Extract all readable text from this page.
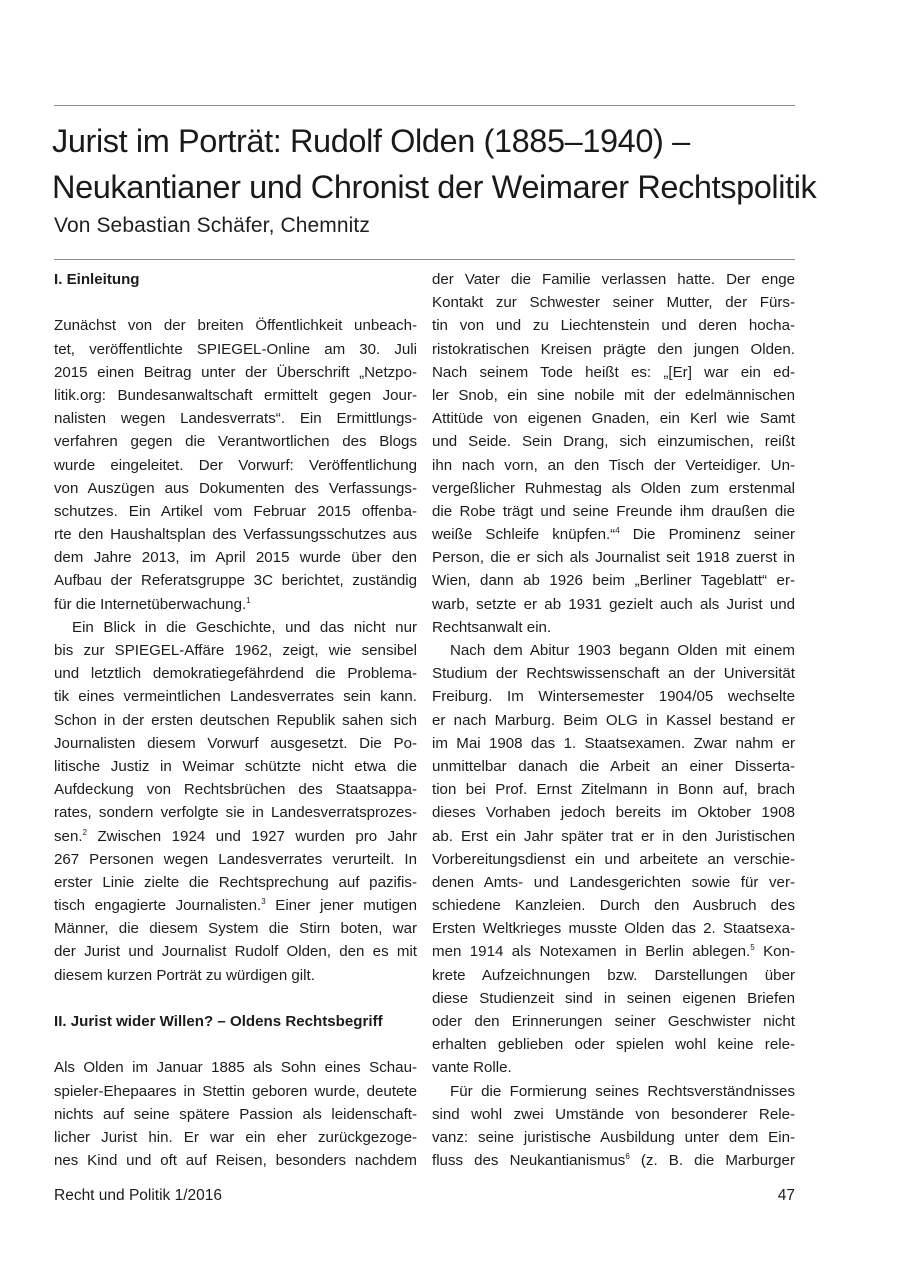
Jurist im Porträt: Rudolf Olden (1885–1940) –
Neukantianer und Chronist der Weimarer Rechtspolitik
Von Sebastian Schäfer, Chemnitz
I. Einleitung
Zunächst von der breiten Öffentlichkeit unbeach-
tet, veröffentlichte SPIEGEL-Online am 30. Juli
2015 einen Beitrag unter der Überschrift „Netzpo-
litik.org: Bundesanwaltschaft ermittelt gegen Jour-
nalisten wegen Landesverrats“. Ein Ermittlungs-
verfahren gegen die Verantwortlichen des Blogs
wurde eingeleitet. Der Vorwurf: Veröffentlichung
von Auszügen aus Dokumenten des Verfassungs-
schutzes. Ein Artikel vom Februar 2015 offenba-
rte den Haushaltsplan des Verfassungsschutzes aus
dem Jahre 2013, im April 2015 wurde über den
Aufbau der Referatsgruppe 3C berichtet, zuständig
für die Internetüberwachung.$^1$
Ein Blick in die Geschichte, und das nicht nur
bis zur SPIEGEL-Affäre 1962, zeigt, wie sensibel
und letztlich demokratiegefährdend die Problema-
tik eines vermeintlichen Landesverrates sein kann.
Schon in der ersten deutschen Republik sahen sich
Journalisten diesem Vorwurf ausgesetzt. Die Po-
litische Justiz in Weimar schützte nicht etwa die
Aufdeckung von Rechtsbrüchen des Staatsappa-
rates, sondern verfolgte sie in Landesverratsprozes-
sen.$^2$ Zwischen 1924 und 1927 wurden pro Jahr
267 Personen wegen Landesverrates verurteilt. In
erster Linie zielte die Rechtsprechung auf pazifis-
tisch engagierte Journalisten.$^3$ Einer jener mutigen
Männer, die diesem System die Stirn boten, war
der Jurist und Journalist Rudolf Olden, den es mit
diesem kurzen Porträt zu würdigen gilt.
II. Jurist wider Willen? – Oldens Rechtsbegriff
Als Olden im Januar 1885 als Sohn eines Schau-
spieler-Ehepaares in Stettin geboren wurde, deutete
nichts auf seine spätere Passion als leidenschaft-
licher Jurist hin. Er war ein eher zurückgezoge-
nes Kind und oft auf Reisen, besonders nachdem
der Vater die Familie verlassen hatte. Der enge
Kontakt zur Schwester seiner Mutter, der Fürs-
tin von und zu Liechtenstein und deren hocha-
ristokratischen Kreisen prägte den jungen Olden.
Nach seinem Tode heißt es: „[Er] war ein ed-
ler Snob, ein sine nobile mit der edelmännischen
Attitüde von eigenen Gnaden, ein Kerl wie Samt
und Seide. Sein Drang, sich einzumischen, reißt
ihn nach vorn, an den Tisch der Verteidiger. Un-
vergeßlicher Ruhmestag als Olden zum erstenmal
die Robe trägt und seine Freunde ihm draußen die
weiße Schleife knüpfen.“$^4$ Die Prominenz seiner
Person, die er sich als Journalist seit 1918 zuerst in
Wien, dann ab 1926 beim „Berliner Tageblatt“ er-
warb, setzte er ab 1931 gezielt auch als Jurist und
Rechtsanwalt ein.
Nach dem Abitur 1903 begann Olden mit einem
Studium der Rechtswissenschaft an der Universität
Freiburg. Im Wintersemester 1904/05 wechselte
er nach Marburg. Beim OLG in Kassel bestand er
im Mai 1908 das 1. Staatsexamen. Zwar nahm er
unmittelbar danach die Arbeit an einer Disserta-
tion bei Prof. Ernst Zitelmann in Bonn auf, brach
dieses Vorhaben jedoch bereits im Oktober 1908
ab. Erst ein Jahr später trat er in den Juristischen
Vorbereitungsdienst ein und arbeitete an verschie-
denen Amts- und Landesgerichten sowie für ver-
schiedene Kanzleien. Durch den Ausbruch des
Ersten Weltkrieges musste Olden das 2. Staatsexa-
men 1914 als Notexamen in Berlin ablegen.$^5$ Kon-
krete Aufzeichnungen bzw. Darstellungen über
diese Studienzeit sind in seinen eigenen Briefen
oder den Erinnerungen seiner Geschwister nicht
erhalten geblieben oder spielen wohl keine rele-
vante Rolle.
Für die Formierung seines Rechtsverständnisses
sind wohl zwei Umstände von besonderer Rele-
vanz: seine juristische Ausbildung unter dem Ein-
fluss des Neukantianismus$^6$ (z. B. die Marburger
Recht und Politik 1/2016	47
